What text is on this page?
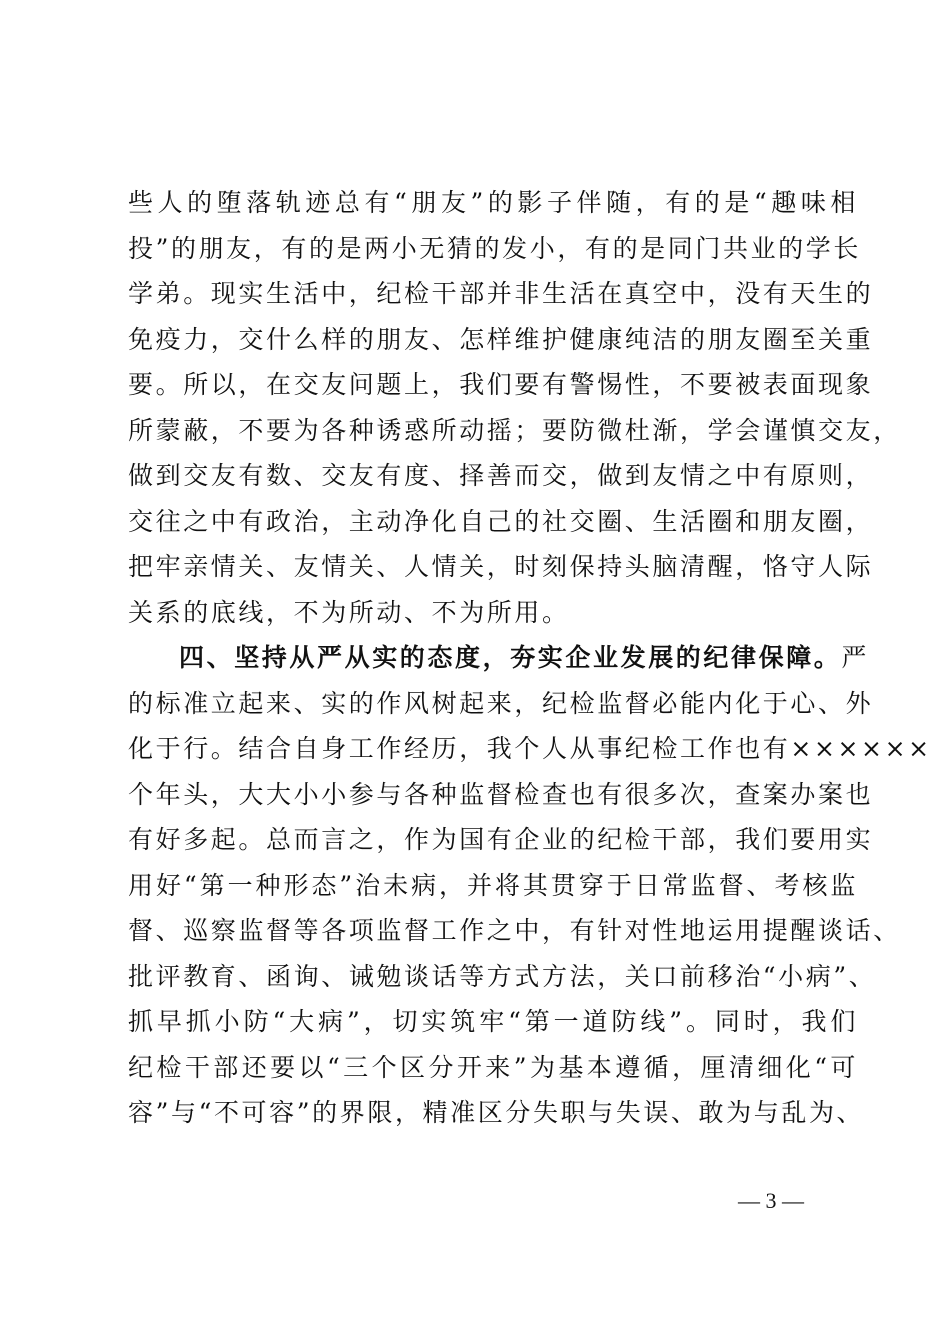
些人的堕落轨迹总有“朋友”的影子伴随，有的是“趣味相
投”的朋友，有的是两小无猜的发小，有的是同门共业的学长
学弟。现实生活中，纪检干部并非生活在真空中，没有天生的
免疫力，交什么样的朋友、怎样维护健康纯洁的朋友圈至关重
要。所以，在交友问题上，我们要有警惕性，不要被表面现象
所蒙蔽，不要为各种诱惑所动摇；要防微杜渐，学会谨慎交友，
做到交友有数、交友有度、择善而交，做到友情之中有原则，
交往之中有政治，主动净化自己的社交圈、生活圈和朋友圈，
把牢亲情关、友情关、人情关，时刻保持头脑清醒，恪守人际
关系的底线，不为所动、不为所用。
四、坚持从严从实的态度，夯实企业发展的纪律保障。严
的标准立起来、实的作风树起来，纪检监督必能内化于心、外
化于行。结合自身工作经历，我个人从事纪检工作也有××××××
个年头，大大小小参与各种监督检查也有很多次，查案办案也
有好多起。总而言之，作为国有企业的纪检干部，我们要用实
用好“第一种形态”治未病，并将其贯穿于日常监督、考核监
督、巡察监督等各项监督工作之中，有针对性地运用提醒谈话、
批评教育、函询、诫勉谈话等方式方法，关口前移治“小病”、
抓早抓小防“大病”，切实筑牢“第一道防线”。同时，我们
纪检干部还要以“三个区分开来”为基本遵循，厘清细化“可
容”与“不可容”的界限，精准区分失职与失误、敢为与乱为、
— 3 —
